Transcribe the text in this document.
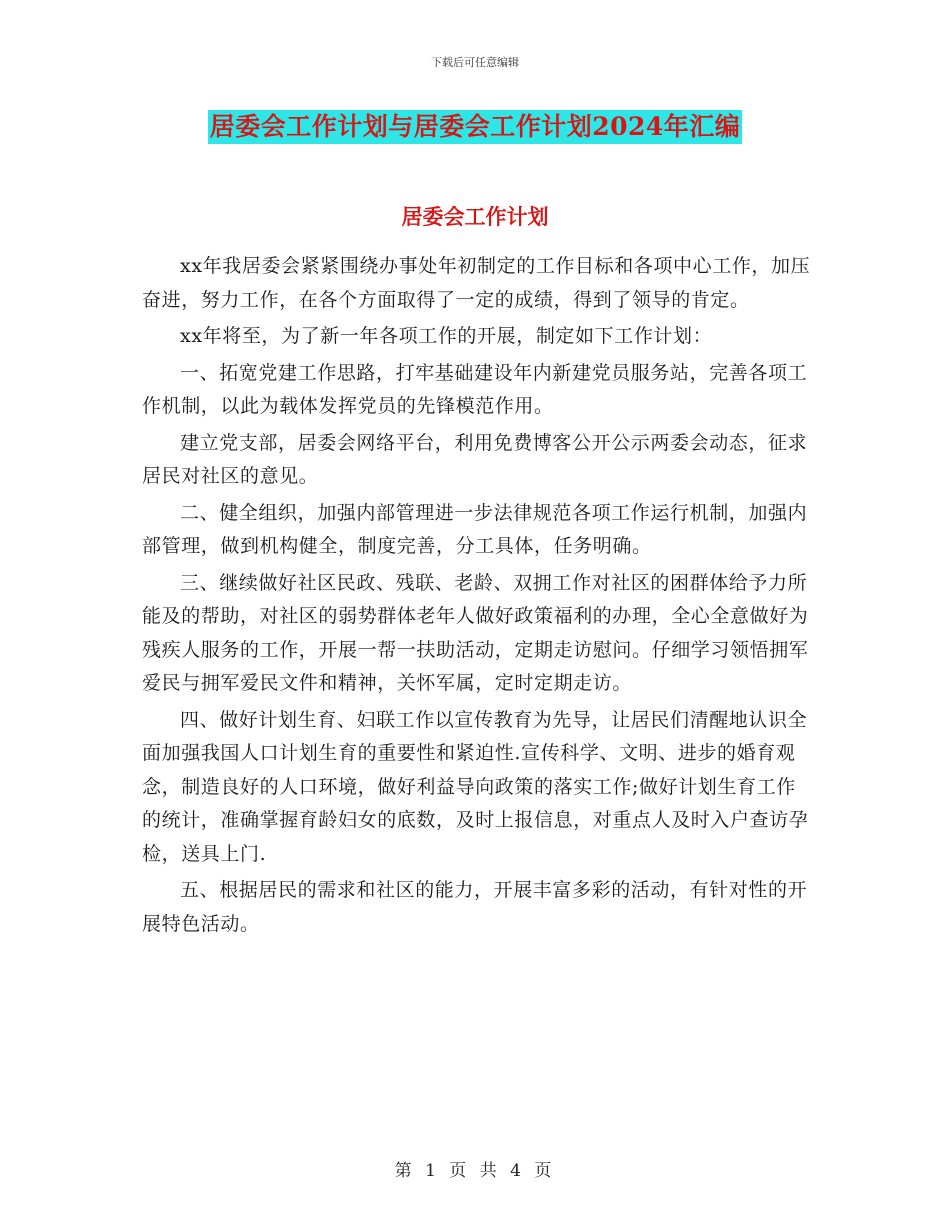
下载后可任意编辑
居委会工作计划与居委会工作计划2024年汇编
居委会工作计划

xx年我居委会紧紧围绕办事处年初制定的工作目标和各项中心工作，加压奋进，努力工作，在各个方面取得了一定的成绩，得到了领导的肯定。

xx年将至，为了新一年各项工作的开展，制定如下工作计划：

一、拓宽党建工作思路，打牢基础建设年内新建党员服务站，完善各项工作机制，以此为载体发挥党员的先锋模范作用。

建立党支部，居委会网络平台，利用免费博客公开公示两委会动态，征求居民对社区的意见。

二、健全组织，加强内部管理进一步法律规范各项工作运行机制，加强内部管理，做到机构健全，制度完善，分工具体，任务明确。

三、继续做好社区民政、残联、老龄、双拥工作对社区的困群体给予力所能及的帮助，对社区的弱势群体老年人做好政策福利的办理，全心全意做好为残疾人服务的工作，开展一帮一扶助活动，定期走访慰问。仔细学习领悟拥军爱民与拥军爱民文件和精神，关怀军属，定时定期走访。

四、做好计划生育、妇联工作以宣传教育为先导，让居民们清醒地认识全面加强我国人口计划生育的重要性和紧迫性.宣传科学、文明、进步的婚育观念，制造良好的人口环境，做好利益导向政策的落实工作;做好计划生育工作的统计，准确掌握育龄妇女的底数，及时上报信息，对重点人及时入户查访孕检，送具上门.

五、根据居民的需求和社区的能力，开展丰富多彩的活动，有针对性的开展特色活动。

第 1 页 共 4 页
